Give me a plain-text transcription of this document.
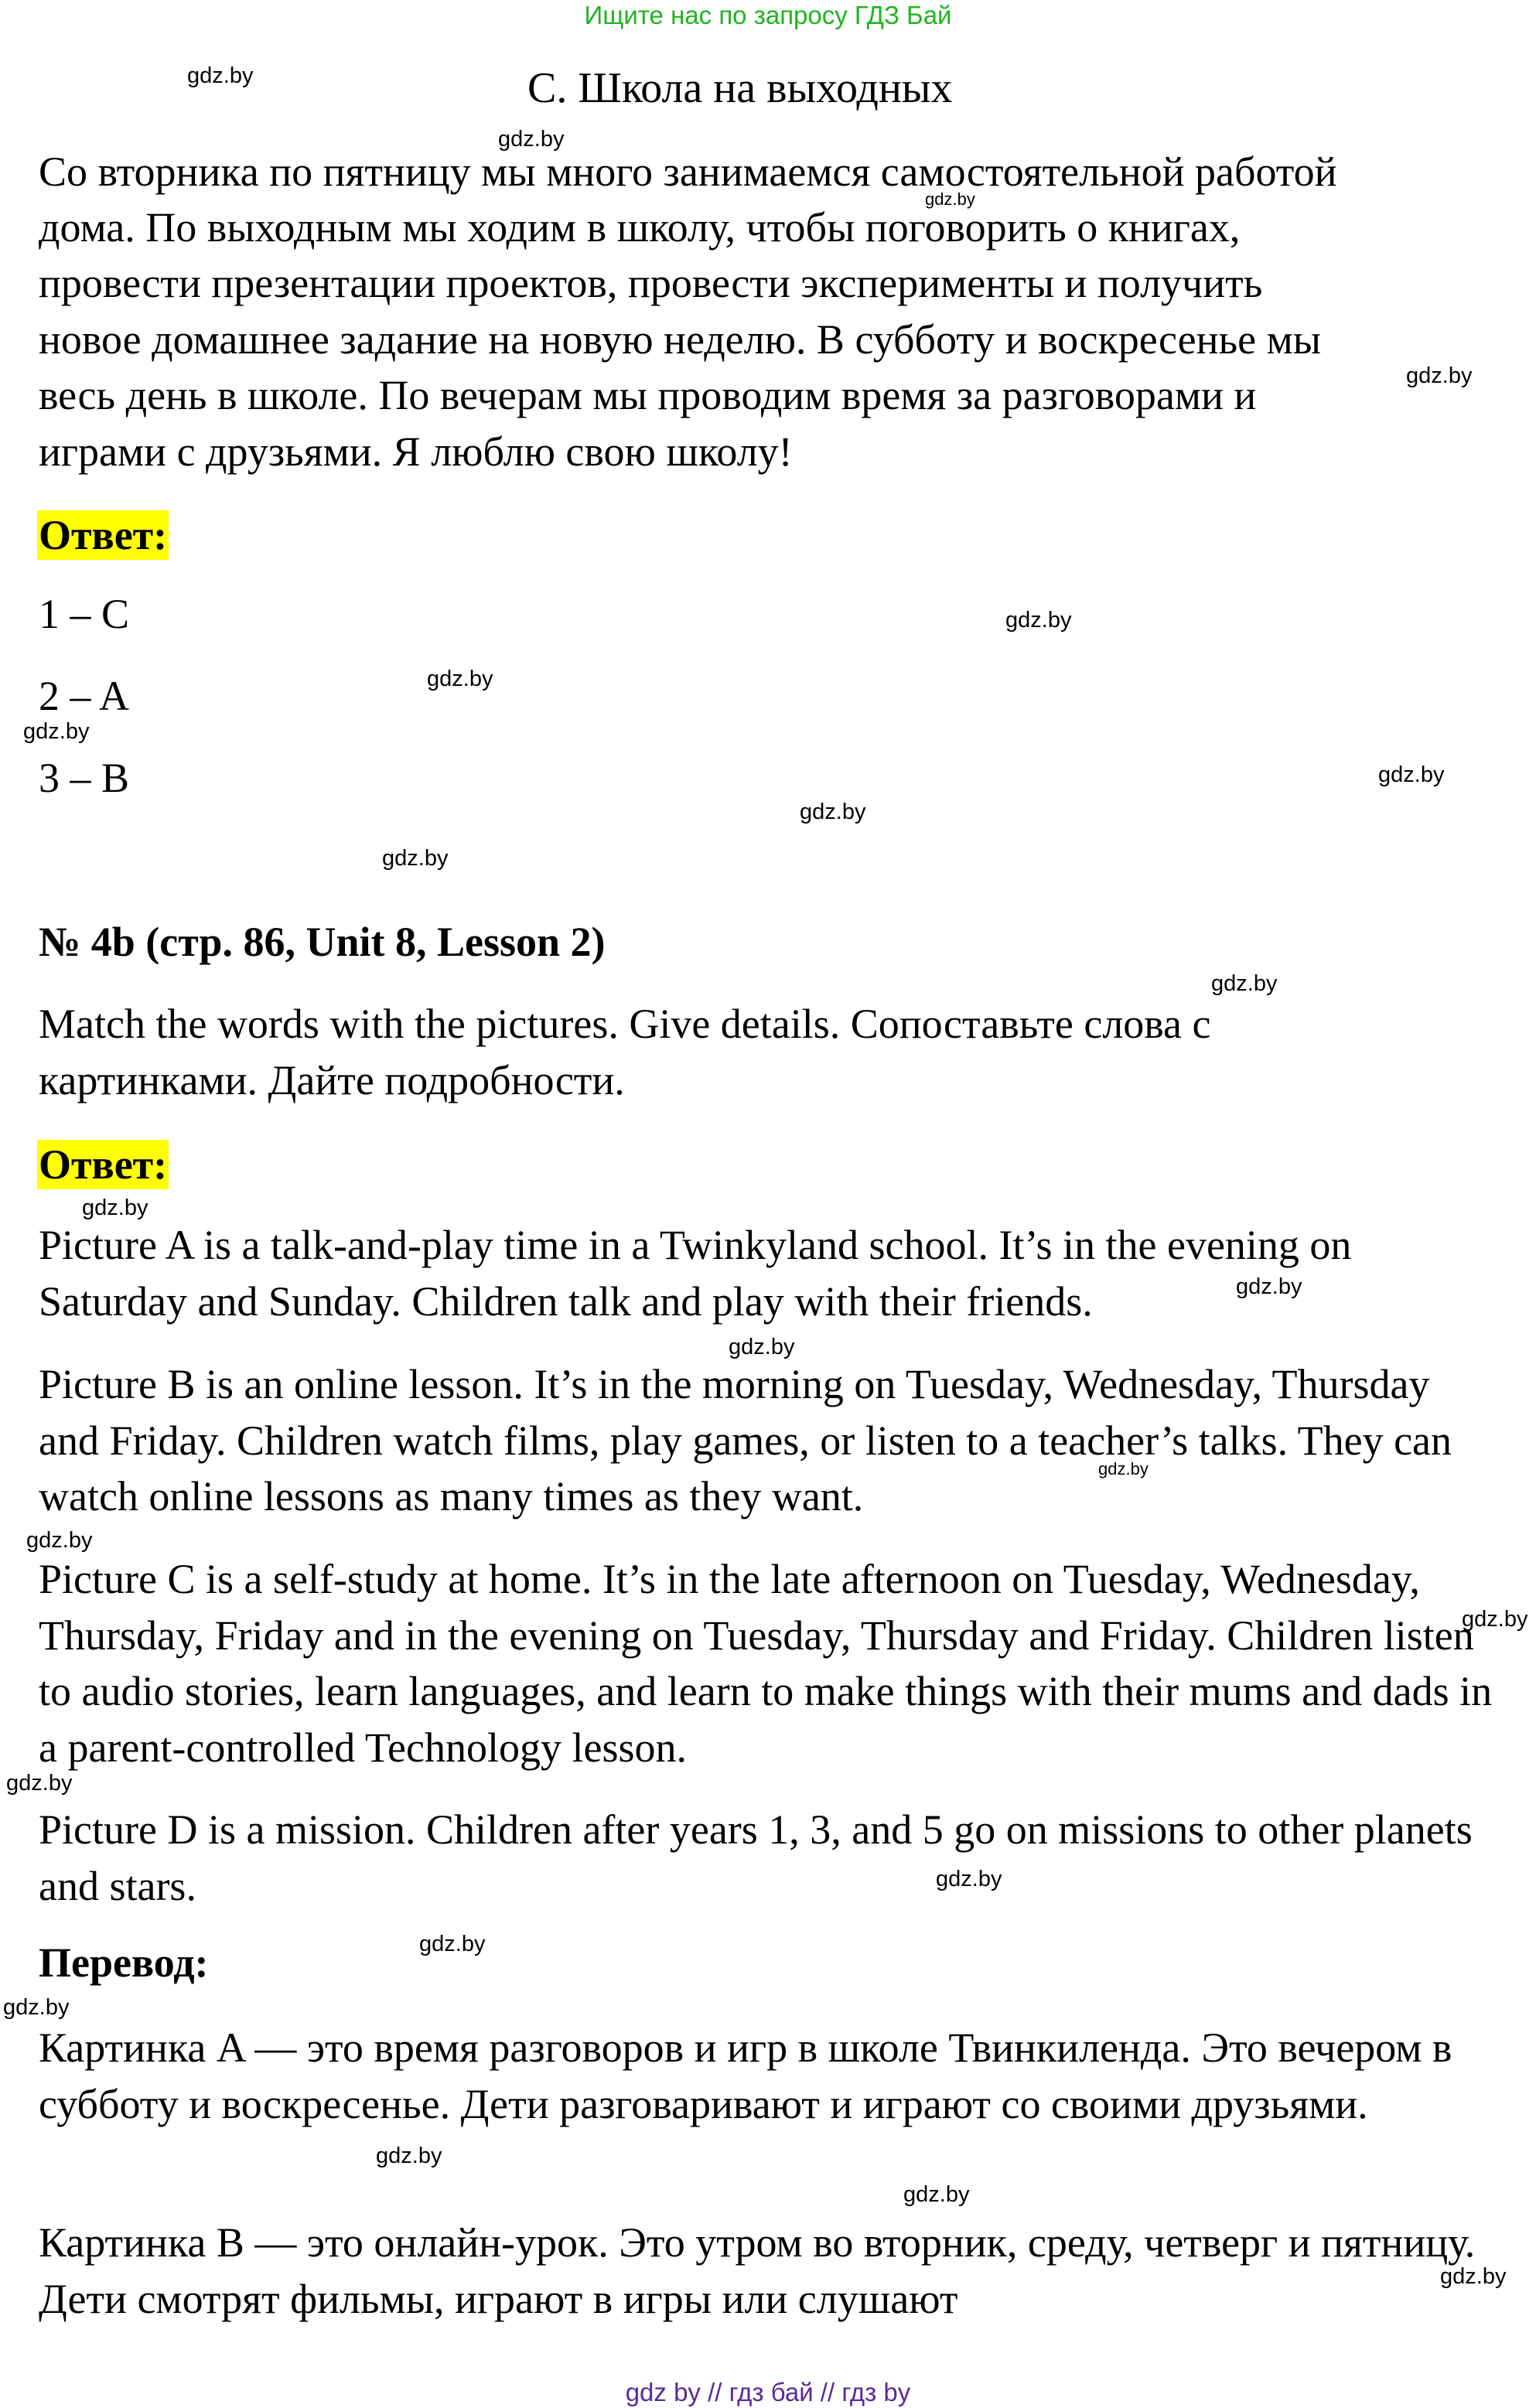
Ищите нас по запросу ГДЗ Бай
C. Школа на выходных
Со вторника по пятницу мы много занимаемся самостоятельной работой
дома. По выходным мы ходим в школу, чтобы поговорить о книгах,
провести презентации проектов, провести эксперименты и получить
новое домашнее задание на новую неделю. В субботу и воскресенье мы
весь день в школе. По вечерам мы проводим время за разговорами и
играми с друзьями. Я люблю свою школу!
Ответ:
1 – C
2 – A
3 – B
№ 4b (стр. 86, Unit 8, Lesson 2)
Match the words with the pictures. Give details. Сопоставьте слова с
картинками. Дайте подробности.
Ответ:
Picture A is a talk-and-play time in a Twinkyland school. It’s in the evening on Saturday and Sunday. Children talk and play with their friends.
Picture B is an online lesson. It’s in the morning on Tuesday, Wednesday, Thursday and Friday. Children watch films, play games, or listen to a teacher’s talks. They can watch online lessons as many times as they want.
Picture C is a self-study at home. It’s in the late afternoon on Tuesday, Wednesday, Thursday, Friday and in the evening on Tuesday, Thursday and Friday. Children listen to audio stories, learn languages, and learn to make things with their mums and dads in a parent-controlled Technology lesson.
Picture D is a mission. Children after years 1, 3, and 5 go on missions to other planets and stars.
Перевод:
Картинка A — это время разговоров и игр в школе Твинкиленда. Это вечером в субботу и воскресенье. Дети разговаривают и играют со своими друзьями.
Картинка B — это онлайн-урок. Это утром во вторник, среду, четверг и пятницу. Дети смотрят фильмы, играют в игры или слушают
gdz.by
gdz.by
gdz.by
gdz.by
gdz.by
gdz.by
gdz.by
gdz.by
gdz.by
gdz.by
gdz.by
gdz.by
gdz.by
gdz.by
gdz.by
gdz.by
gdz.by
gdz.by
gdz.by
gdz.by
gdz.by
gdz.by
gdz.by
gdz.by
gdz by // гдз бай // гдз by
